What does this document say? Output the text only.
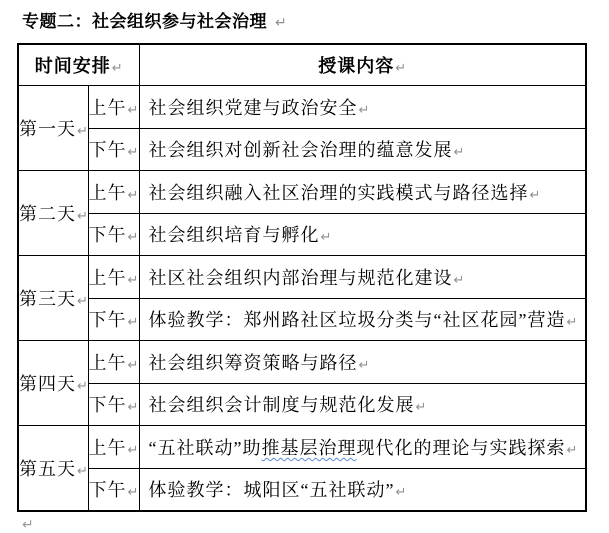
专题二：社会组织参与社会治理 ↵
时间安排↵		授课内容↵
第一天↵	上午↵	社会组织党建与政治安全↵
	下午↵	社会组织对创新社会治理的蕴意发展↵
第二天↵	上午↵	社会组织融入社区治理的实践模式与路径选择↵
	下午↵	社会组织培育与孵化↵
第三天↵	上午↵	社区社会组织内部治理与规范化建设↵
	下午↵	体验教学：郑州路社区垃圾分类与“社区花园”营造↵
第四天↵	上午↵	社会组织筹资策略与路径↵
	下午↵	社会组织会计制度与规范化发展↵
第五天↵	上午↵	“五社联动”助推基层治理现代化的理论与实践探索↵
	下午↵	体验教学：城阳区“五社联动”↵
↵
